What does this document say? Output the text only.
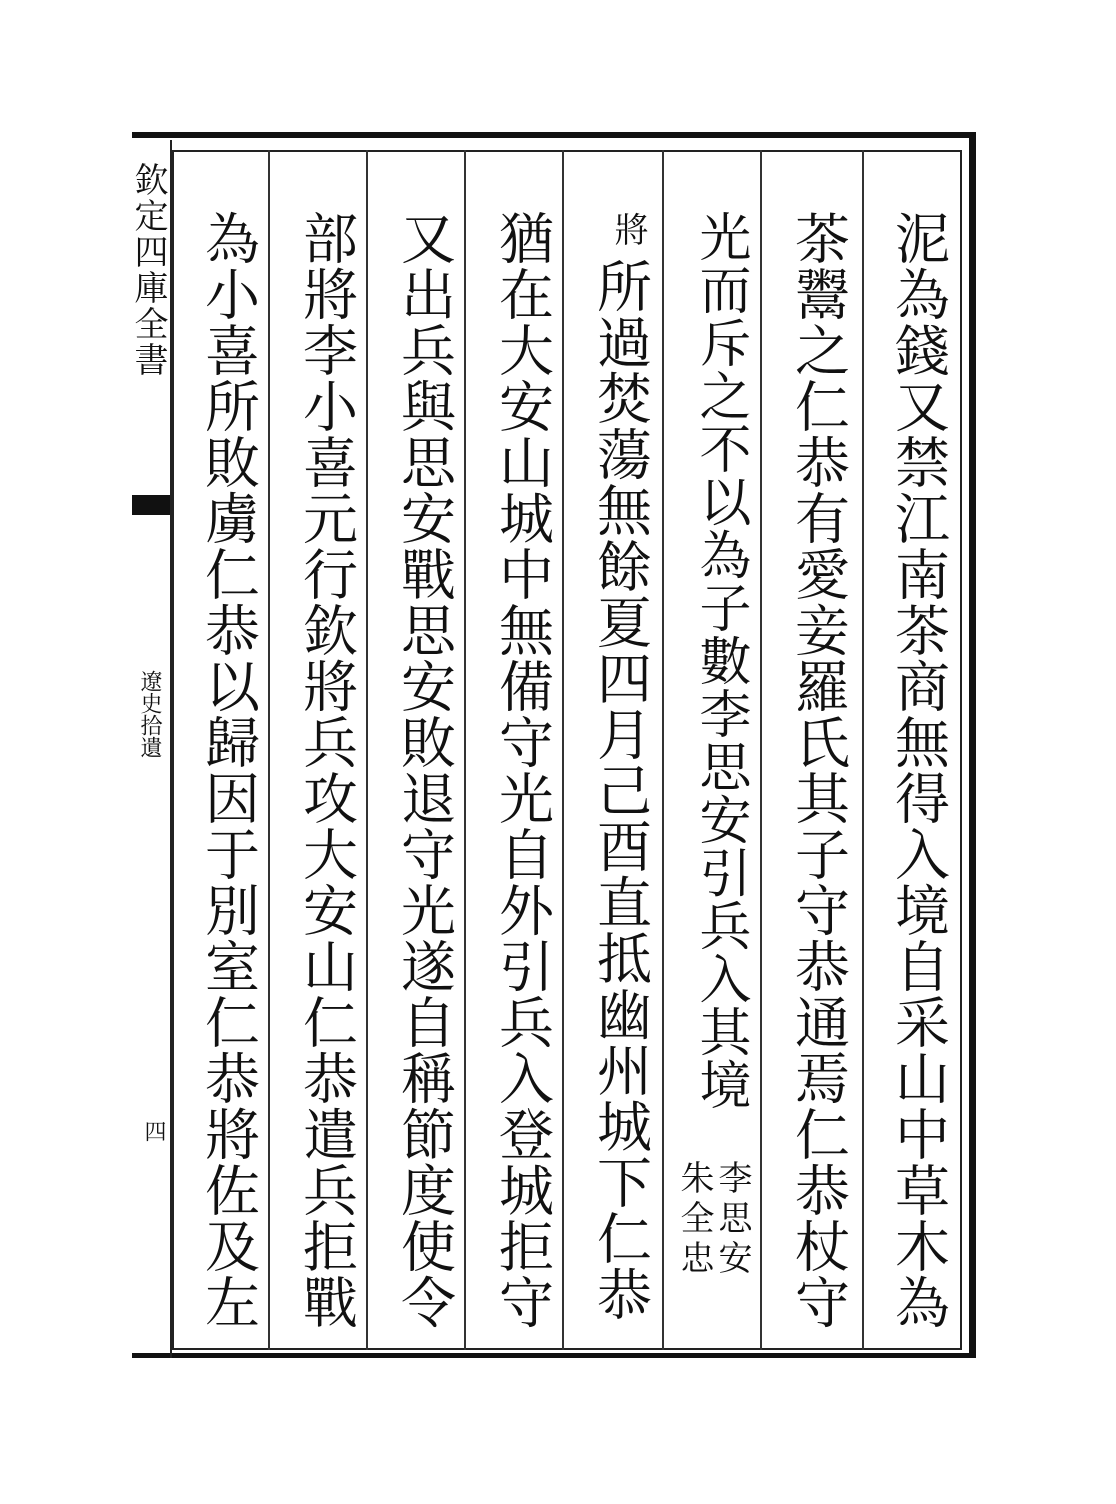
欽定四庫全書
遼史拾遺
四	泥為錢又禁江南茶商無得入境自采山中草木為
茶鬻之仁恭有愛妾羅氏其子守恭通焉仁恭杖守
光而斥之不以為子數李思安引兵入其境
李思安
朱全忠
將
所過焚蕩無餘夏四月己酉直抵幽州城下仁恭
猶在大安山城中無備守光自外引兵入登城拒守
又出兵與思安戰思安敗退守光遂自稱節度使令
部將李小喜元行欽將兵攻大安山仁恭遣兵拒戰
為小喜所敗虜仁恭以歸因于別室仁恭將佐及左
